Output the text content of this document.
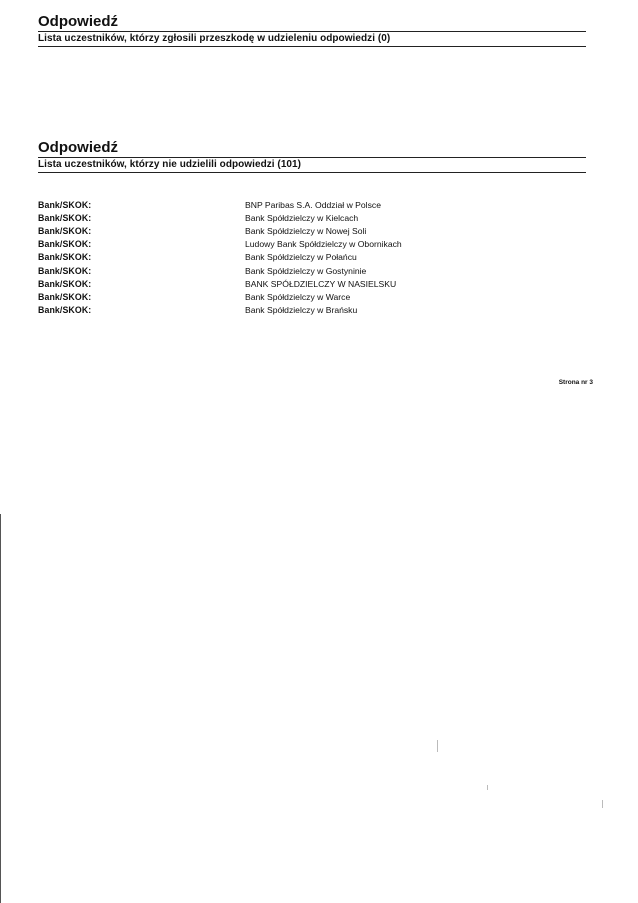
Odpowiedź
Lista uczestników, którzy zgłosili przeszkodę w udzieleniu odpowiedzi (0)
Odpowiedź
Lista uczestników, którzy nie udzielili odpowiedzi (101)
Bank/SKOK:	BNP Paribas S.A. Oddział w Polsce
Bank/SKOK:	Bank Spółdzielczy w Kielcach
Bank/SKOK:	Bank Spółdzielczy w Nowej Soli
Bank/SKOK:	Ludowy Bank Spółdzielczy w Obornikach
Bank/SKOK:	Bank Spółdzielczy w Połańcu
Bank/SKOK:	Bank Spółdzielczy w Gostyninie
Bank/SKOK:	BANK SPÓŁDZIELCZY W NASIELSKU
Bank/SKOK:	Bank Spółdzielczy w Warce
Bank/SKOK:	Bank Spółdzielczy w Brańsku
Strona nr 3
